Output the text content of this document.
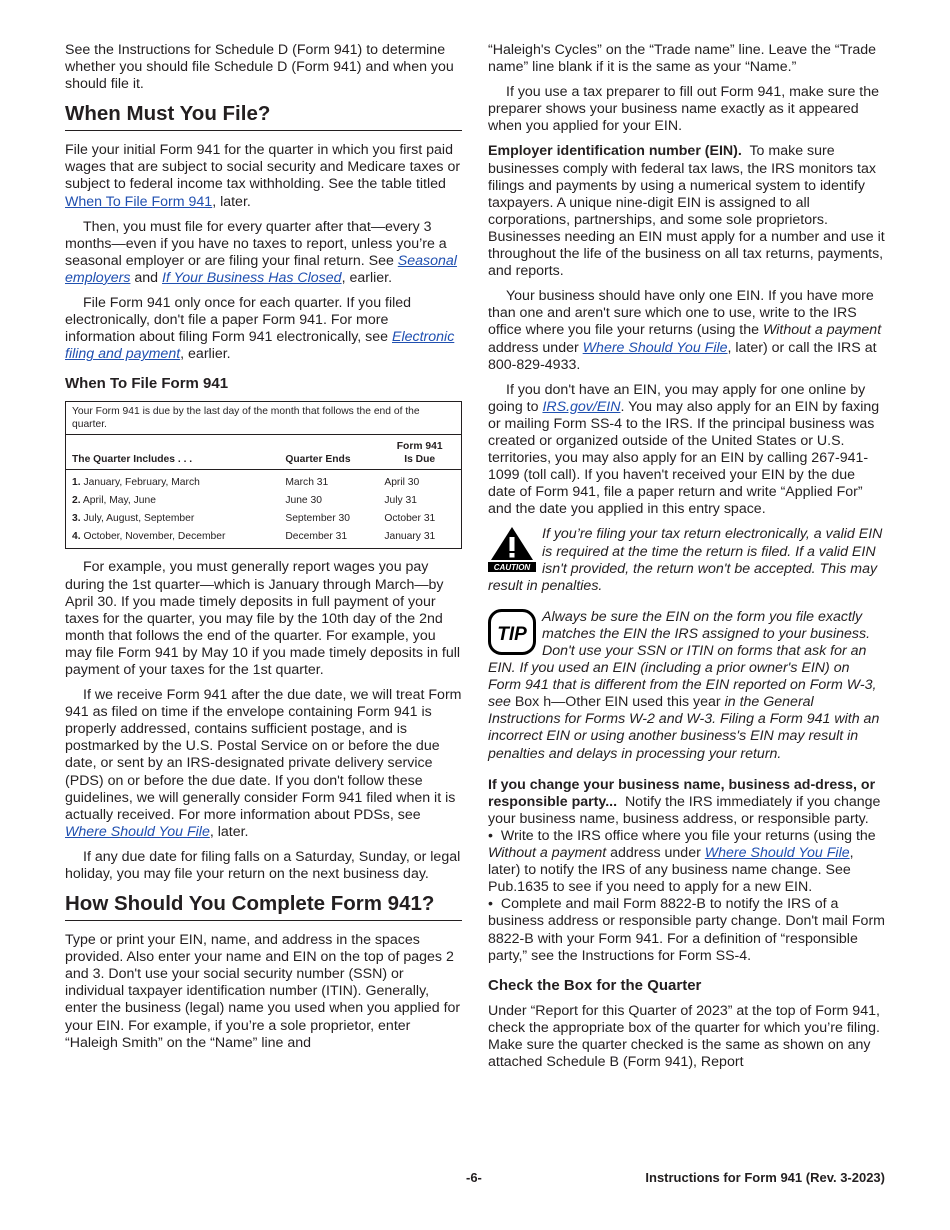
See the Instructions for Schedule D (Form 941) to determine whether you should file Schedule D (Form 941) and when you should file it.

When Must You File?

File your initial Form 941 for the quarter in which you first paid wages that are subject to social security and Medicare taxes or subject to federal income tax withholding. See the table titled When To File Form 941, later.

Then, you must file for every quarter after that—every 3 months—even if you have no taxes to report, unless you’re a seasonal employer or are filing your final return. See Seasonal employers and If Your Business Has Closed, earlier.

File Form 941 only once for each quarter. If you filed electronically, don't file a paper Form 941. For more information about filing Form 941 electronically, see Electronic filing and payment, earlier.

When To File Form 941
Your Form 941 is due by the last day of the month that follows the end of the quarter.		
The Quarter Includes . . .	Quarter Ends	Form 941
Is Due
1. January, February, March	March 31	April 30
2. April, May, June	June 30	July 31
3. July, August, September	September 30	October 31
4. October, November, December	December 31	January 31

For example, you must generally report wages you pay during the 1st quarter—which is January through March—by April 30. If you made timely deposits in full payment of your taxes for the quarter, you may file by the 10th day of the 2nd month that follows the end of the quarter. For example, you may file Form 941 by May 10 if you made timely deposits in full payment of your taxes for the 1st quarter.

If we receive Form 941 after the due date, we will treat Form 941 as filed on time if the envelope containing Form 941 is properly addressed, contains sufficient postage, and is postmarked by the U.S. Postal Service on or before the due date, or sent by an IRS-designated private delivery service (PDS) on or before the due date. If you don't follow these guidelines, we will generally consider Form 941 filed when it is actually received. For more information about PDSs, see Where Should You File, later.

If any due date for filing falls on a Saturday, Sunday, or legal holiday, you may file your return on the next business day.

How Should You Complete Form 941?

Type or print your EIN, name, and address in the spaces provided. Also enter your name and EIN on the top of pages 2 and 3. Don't use your social security number (SSN) or individual taxpayer identification number (ITIN). Generally, enter the business (legal) name you used when you applied for your EIN. For example, if you’re a sole proprietor, enter “Haleigh Smith” on the “Name” line and

“Haleigh's Cycles” on the “Trade name” line. Leave the “Trade name” line blank if it is the same as your “Name.”

If you use a tax preparer to fill out Form 941, make sure the preparer shows your business name exactly as it appeared when you applied for your EIN.

Employer identification number (EIN). To make sure businesses comply with federal tax laws, the IRS monitors tax filings and payments by using a numerical system to identify taxpayers. A unique nine-digit EIN is assigned to all corporations, partnerships, and some sole proprietors. Businesses needing an EIN must apply for a number and use it throughout the life of the business on all tax returns, payments, and reports.

Your business should have only one EIN. If you have more than one and aren't sure which one to use, write to the IRS office where you file your returns (using the Without a payment address under Where Should You File, later) or call the IRS at 800-829-4933.

If you don't have an EIN, you may apply for one online by going to IRS.gov/EIN. You may also apply for an EIN by faxing or mailing Form SS-4 to the IRS. If the principal business was created or organized outside of the United States or U.S. territories, you may also apply for an EIN by calling 267-941-1099 (toll call). If you haven't received your EIN by the due date of Form 941, file a paper return and write “Applied For” and the date you applied in this entry space.

CAUTION
If you’re filing your tax return electronically, a valid EIN is required at the time the return is filed. If a valid EIN isn't provided, the return won't be accepted. This may result in penalties.
TIP
Always be sure the EIN on the form you file exactly matches the EIN the IRS assigned to your business. Don't use your SSN or ITIN on forms that ask for an EIN. If you used an EIN (including a prior owner's EIN) on Form 941 that is different from the EIN reported on Form W-3, see Box h—Other EIN used this year in the General Instructions for Forms W-2 and W-3. Filing a Form 941 with an incorrect EIN or using another business's EIN may result in penalties and delays in processing your return.

If you change your business name, business ad-dress, or responsible party... Notify the IRS immediately if you change your business name, business address, or responsible party.

•  Write to the IRS office where you file your returns (using the Without a payment address under Where Should You File, later) to notify the IRS of any business name change. See Pub.1635 to see if you need to apply for a new EIN.
•  Complete and mail Form 8822-B to notify the IRS of a business address or responsible party change. Don't mail Form 8822-B with your Form 941. For a definition of “responsible party,” see the Instructions for Form SS-4.
Check the Box for the Quarter

Under “Report for this Quarter of 2023” at the top of Form 941, check the appropriate box of the quarter for which you’re filing. Make sure the quarter checked is the same as shown on any attached Schedule B (Form 941), Report

-6-	Instructions for Form 941 (Rev. 3-2023)
